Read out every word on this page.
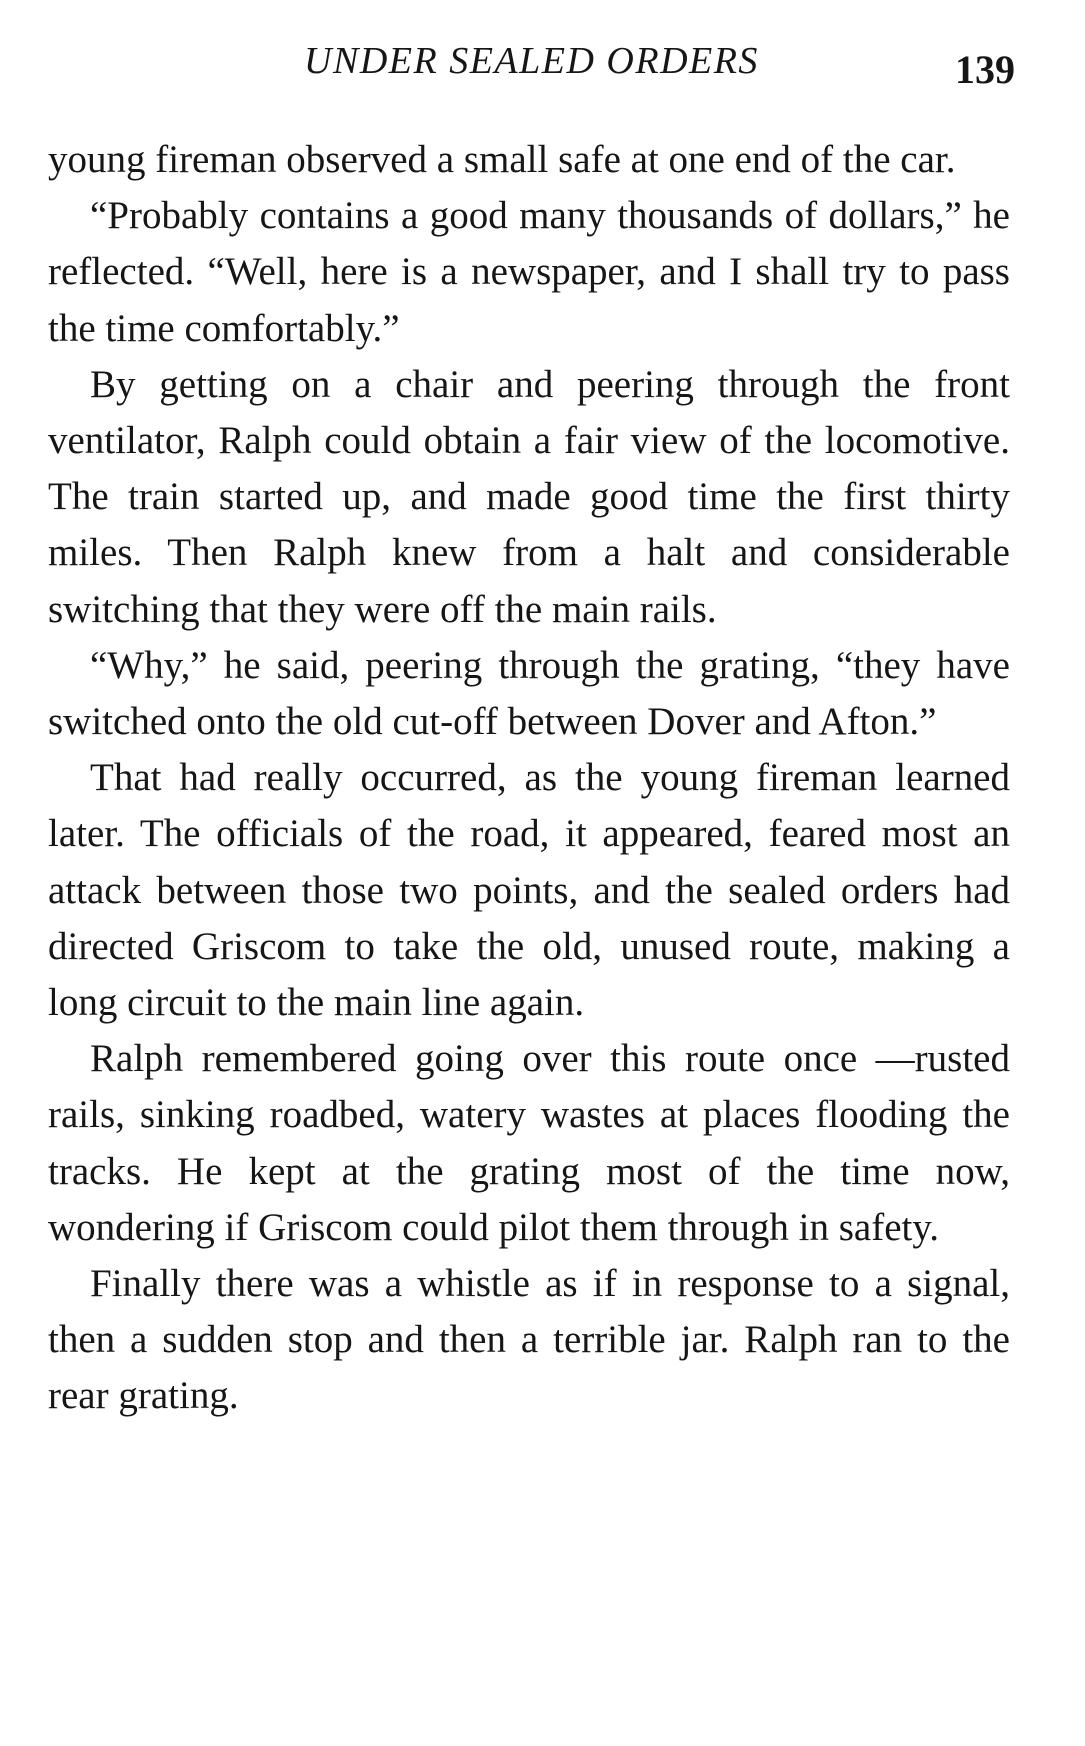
UNDER SEALED ORDERS	139

young fireman observed a small safe at one end of the car.

“Probably contains a good many thousands of dollars,” he reflected. “Well, here is a newspaper, and I shall try to pass the time comfortably.”

By getting on a chair and peering through the front ventilator, Ralph could obtain a fair view of the locomotive. The train started up, and made good time the first thirty miles. Then Ralph knew from a halt and considerable switching that they were off the main rails.

“Why,” he said, peering through the grating, “they have switched onto the old cut-off between Dover and Afton.”

That had really occurred, as the young fireman learned later. The officials of the road, it appeared, feared most an attack between those two points, and the sealed orders had directed Griscom to take the old, unused route, making a long circuit to the main line again.

Ralph remembered going over this route once —rusted rails, sinking roadbed, watery wastes at places flooding the tracks. He kept at the grating most of the time now, wondering if Griscom could pilot them through in safety.

Finally there was a whistle as if in response to a signal, then a sudden stop and then a terrible jar. Ralph ran to the rear grating.
